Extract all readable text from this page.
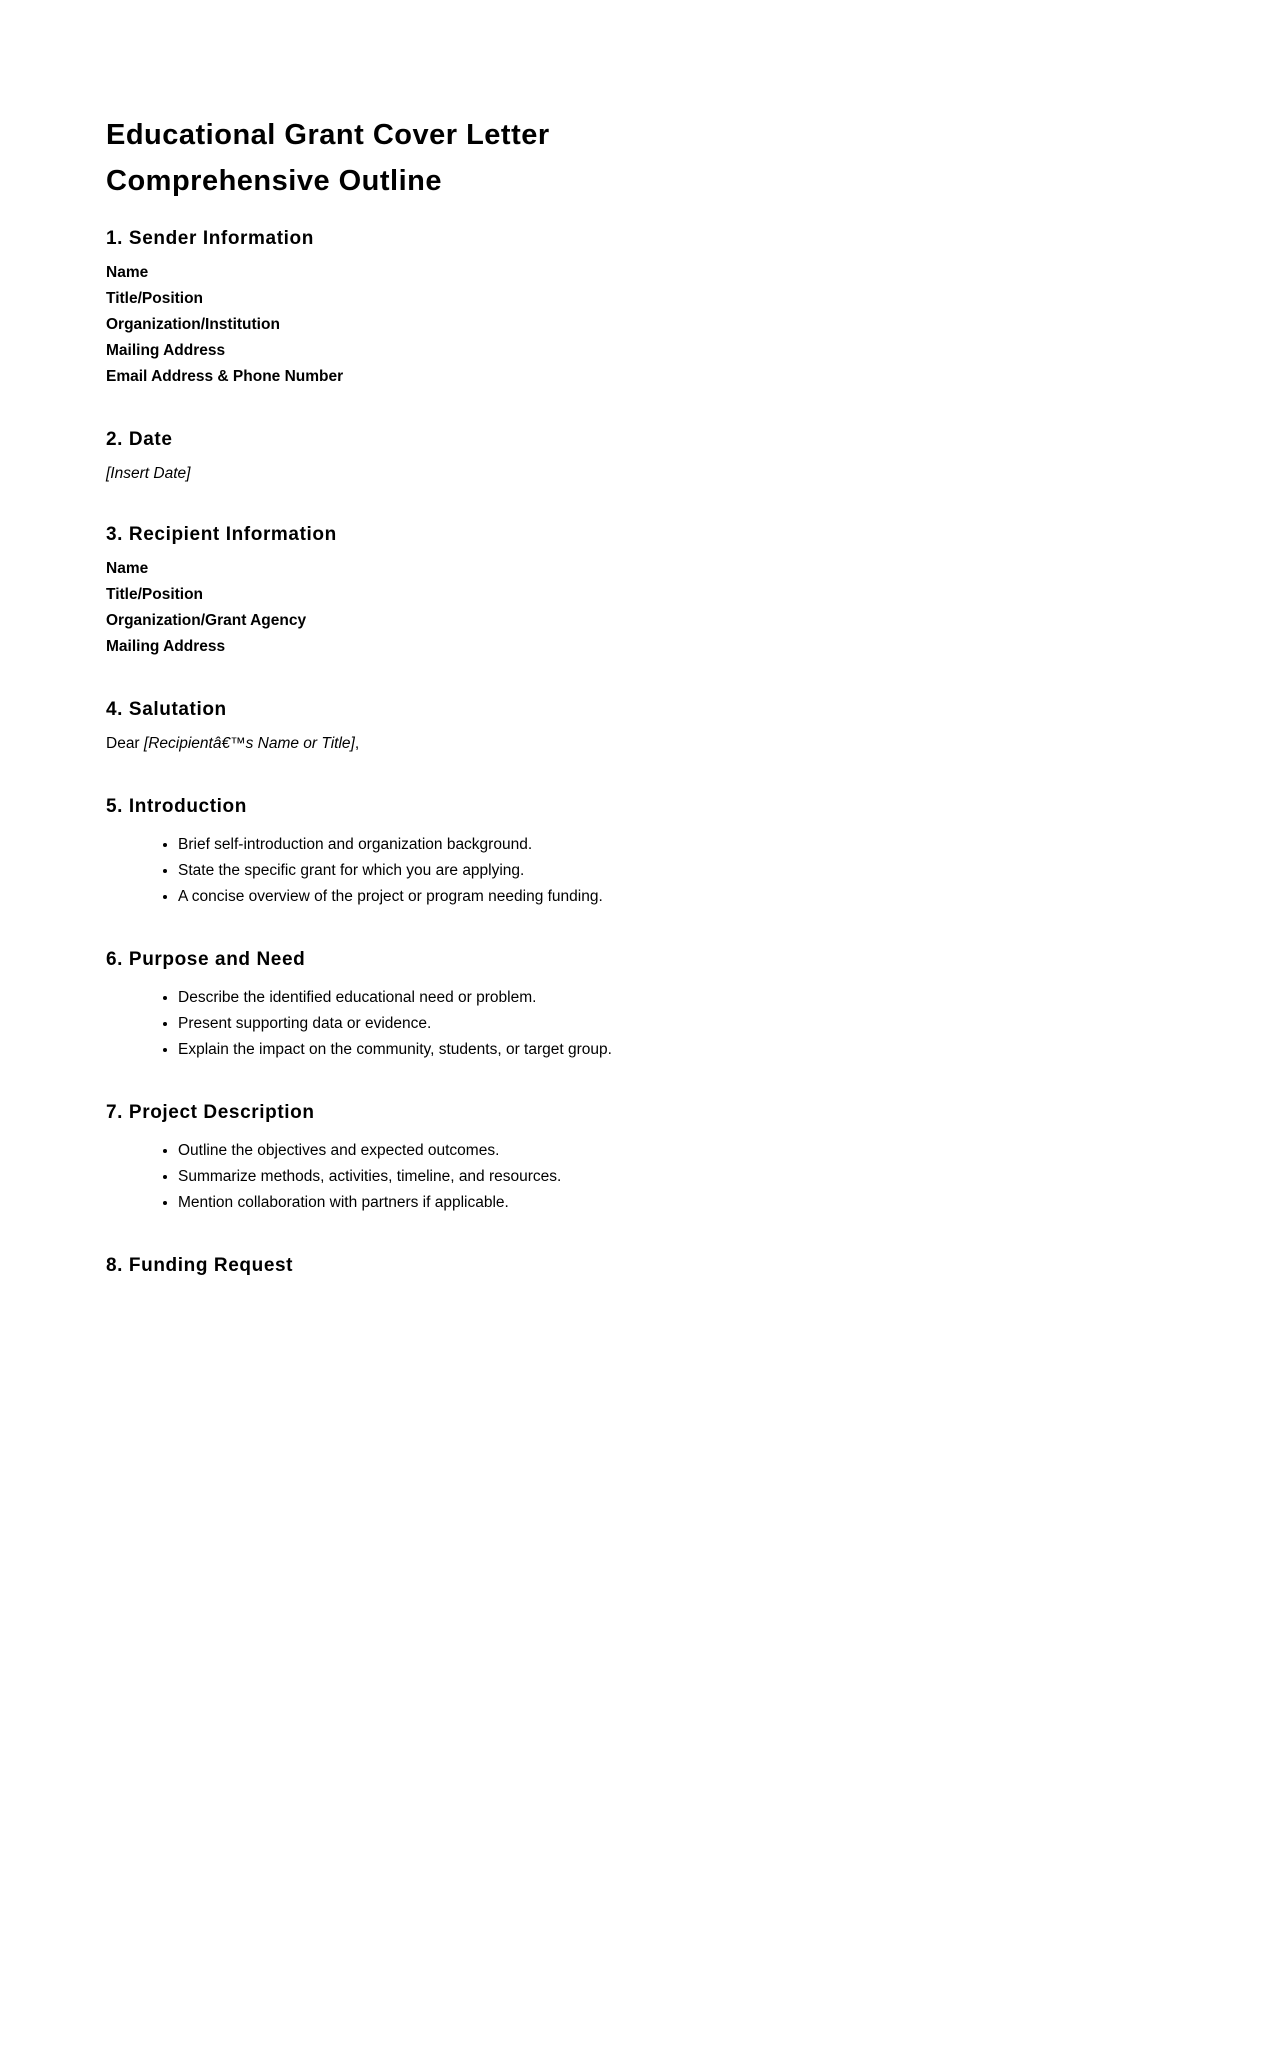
Educational Grant Cover Letter
Comprehensive Outline
1. Sender Information
Name
Title/Position
Organization/Institution
Mailing Address
Email Address & Phone Number
2. Date

[Insert Date]

3. Recipient Information
Name
Title/Position
Organization/Grant Agency
Mailing Address
4. Salutation

Dear [Recipientâ€™s Name or Title],

5. Introduction
• Brief self-introduction and organization background.
• State the specific grant for which you are applying.
• A concise overview of the project or program needing funding.
6. Purpose and Need
• Describe the identified educational need or problem.
• Present supporting data or evidence.
• Explain the impact on the community, students, or target group.
7. Project Description
• Outline the objectives and expected outcomes.
• Summarize methods, activities, timeline, and resources.
• Mention collaboration with partners if applicable.
8. Funding Request
